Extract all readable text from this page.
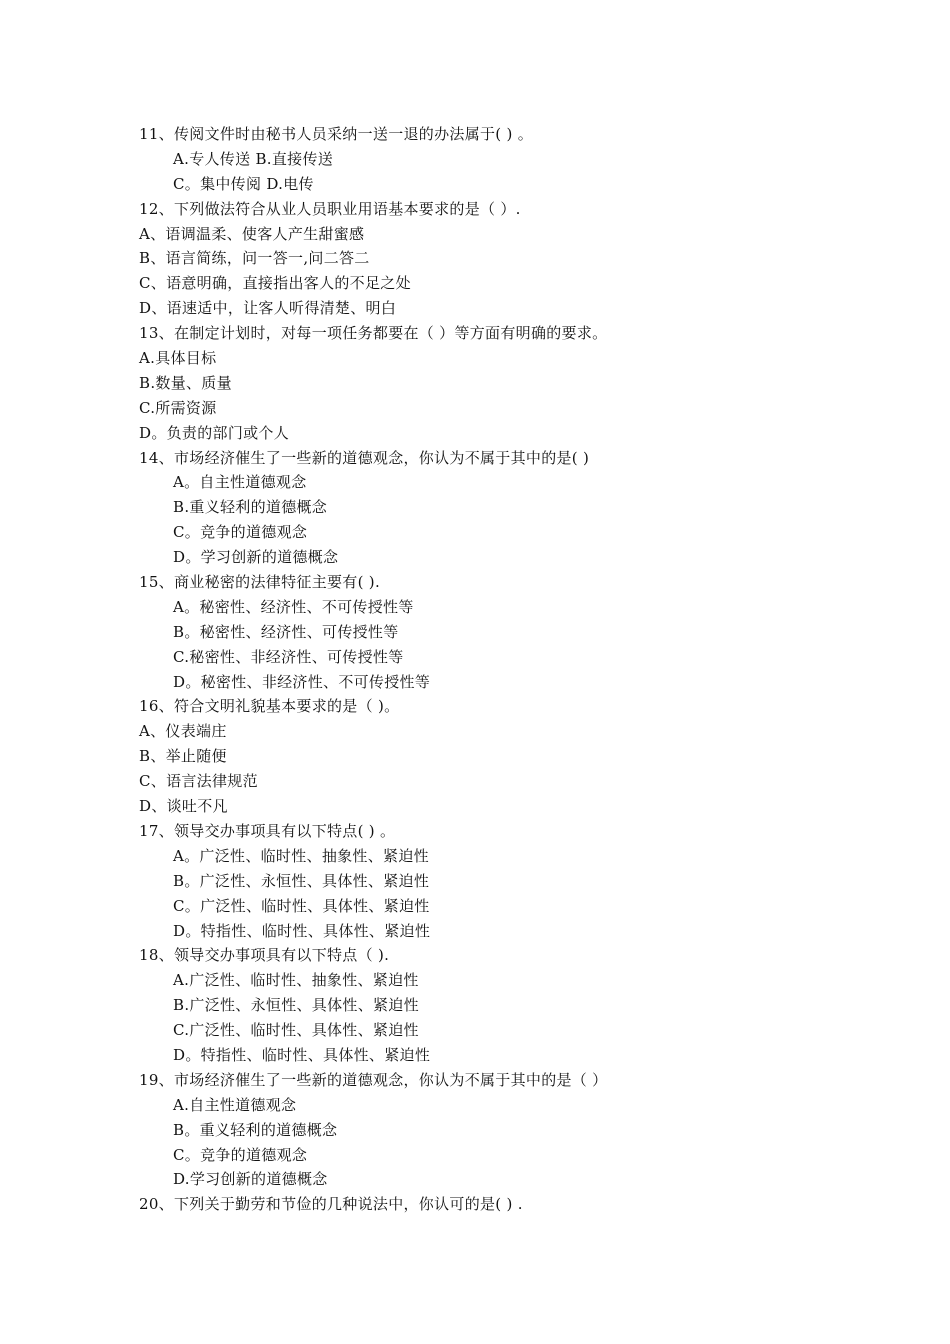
11、传阅文件时由秘书人员采纳一送一退的办法属于( ) 。
A.专人传送 B.直接传送
C。集中传阅 D.电传
12、下列做法符合从业人员职业用语基本要求的是（ ）.
A、语调温柔、使客人产生甜蜜感
B、语言简练，问一答一,问二答二
C、语意明确，直接指出客人的不足之处
D、语速适中，让客人听得清楚、明白
13、在制定计划时，对每一项任务都要在（ ）等方面有明确的要求。
A.具体目标
B.数量、质量
C.所需资源
D。负责的部门或个人
14、市场经济催生了一些新的道德观念，你认为不属于其中的是( )
A。自主性道德观念
B.重义轻利的道德概念
C。竞争的道德观念
D。学习创新的道德概念
15、商业秘密的法律特征主要有( ).
A。秘密性、经济性、不可传授性等
B。秘密性、经济性、可传授性等
C.秘密性、非经济性、可传授性等
D。秘密性、非经济性、不可传授性等
16、符合文明礼貌基本要求的是（ )。
A、仪表端庄
B、举止随便
C、语言法律规范
D、谈吐不凡
17、领导交办事项具有以下特点( ) 。
A。广泛性、临时性、抽象性、紧迫性
B。广泛性、永恒性、具体性、紧迫性
C。广泛性、临时性、具体性、紧迫性
D。特指性、临时性、具体性、紧迫性
18、领导交办事项具有以下特点（ ).
A.广泛性、临时性、抽象性、紧迫性
B.广泛性、永恒性、具体性、紧迫性
C.广泛性、临时性、具体性、紧迫性
D。特指性、临时性、具体性、紧迫性
19、市场经济催生了一些新的道德观念，你认为不属于其中的是（ ）
A.自主性道德观念
B。重义轻利的道德概念
C。竞争的道德观念
D.学习创新的道德概念
20、下列关于勤劳和节俭的几种说法中，你认可的是( ) .
